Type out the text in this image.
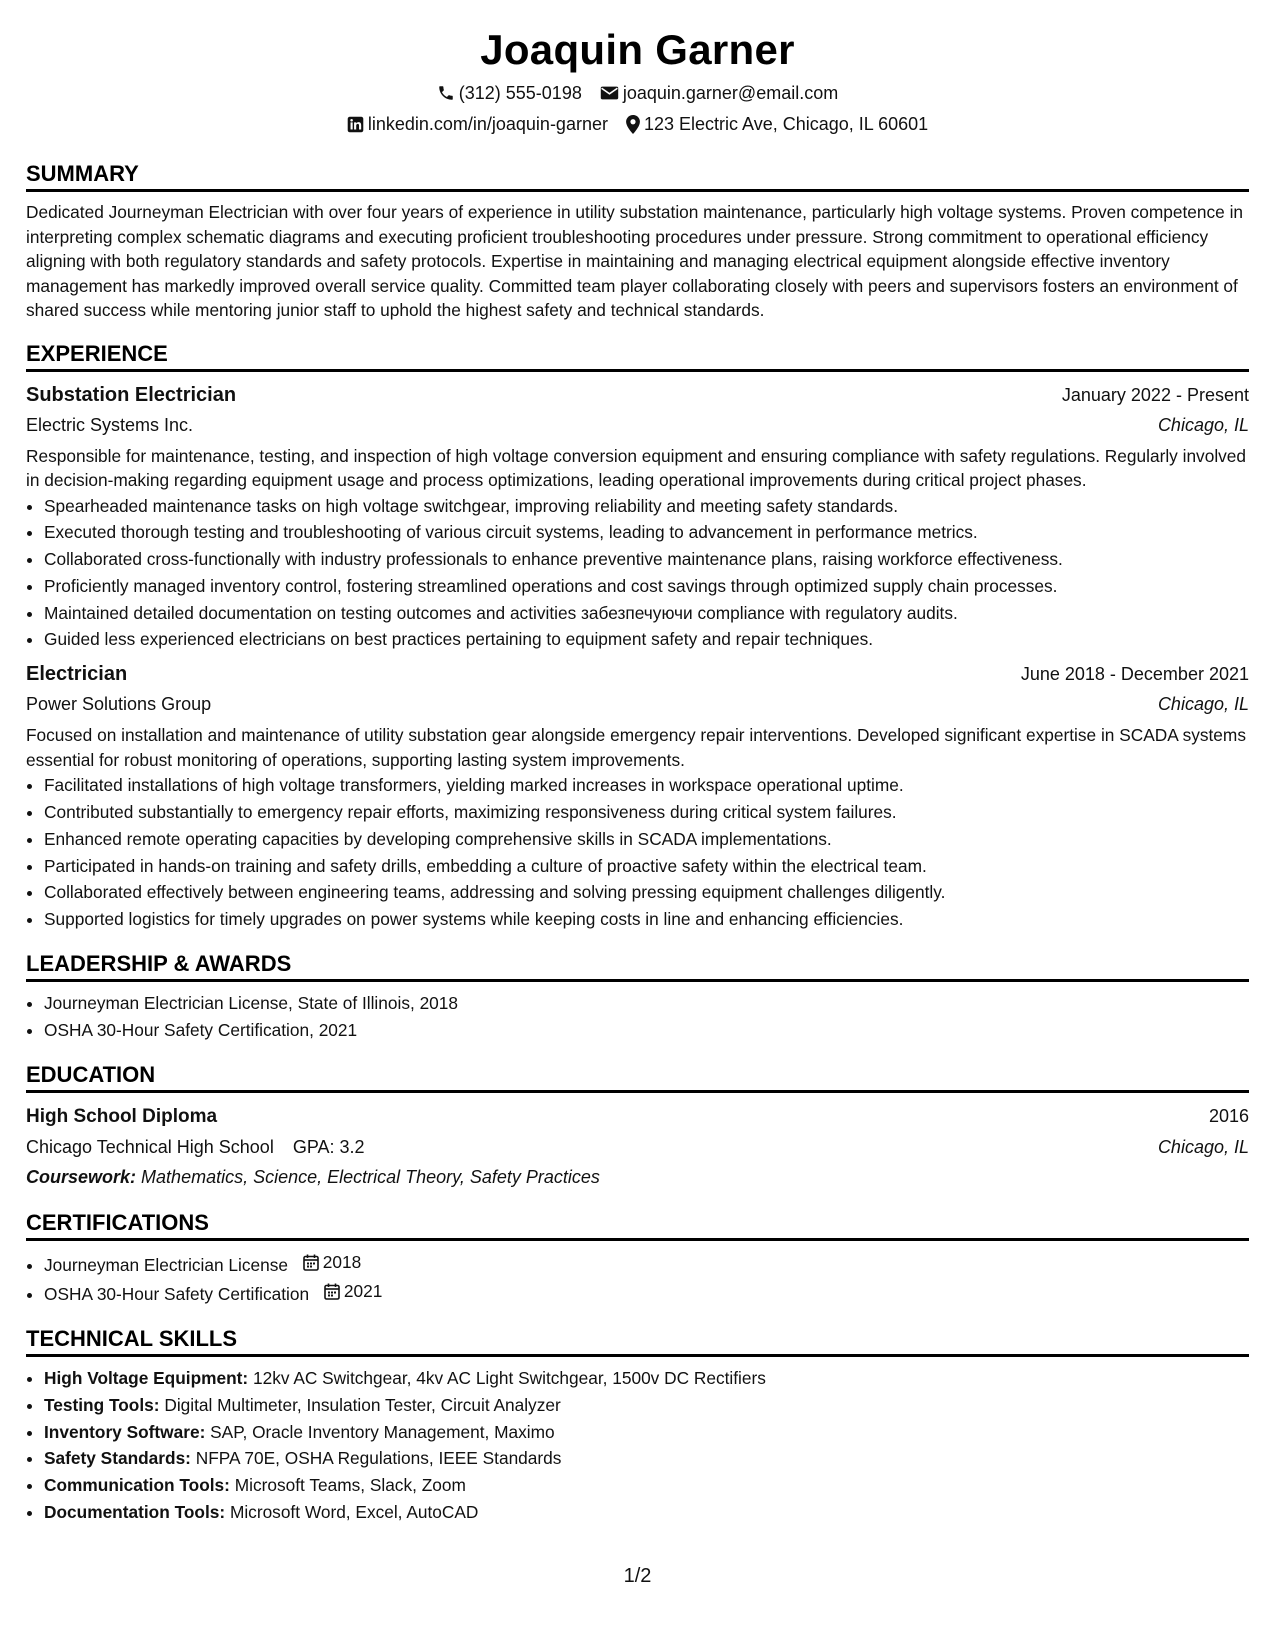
Joaquin Garner
(312) 555-0198 joaquin.garner@email.com
linkedin.com/in/joaquin-garner 123 Electric Ave, Chicago, IL 60601
SUMMARY

Dedicated Journeyman Electrician with over four years of experience in utility substation maintenance, particularly high voltage systems. Proven competence in interpreting complex schematic diagrams and executing proficient troubleshooting procedures under pressure. Strong commitment to operational efficiency aligning with both regulatory standards and safety protocols. Expertise in maintaining and managing electrical equipment alongside effective inventory management has markedly improved overall service quality. Committed team player collaborating closely with peers and supervisors fosters an environment of shared success while mentoring junior staff to uphold the highest safety and technical standards.

EXPERIENCE
Substation Electrician	January 2022 - Present
Electric Systems Inc.	Chicago, IL
Responsible for maintenance, testing, and inspection of high voltage conversion equipment and ensuring compliance with safety regulations. Regularly involved in decision-making regarding equipment usage and process optimizations, leading operational improvements during critical project phases.
• Spearheaded maintenance tasks on high voltage switchgear, improving reliability and meeting safety standards.
• Executed thorough testing and troubleshooting of various circuit systems, leading to advancement in performance metrics.
• Collaborated cross-functionally with industry professionals to enhance preventive maintenance plans, raising workforce effectiveness.
• Proficiently managed inventory control, fostering streamlined operations and cost savings through optimized supply chain processes.
• Maintained detailed documentation on testing outcomes and activities забезпечуючи compliance with regulatory audits.
• Guided less experienced electricians on best practices pertaining to equipment safety and repair techniques.
Electrician	June 2018 - December 2021
Power Solutions Group	Chicago, IL
Focused on installation and maintenance of utility substation gear alongside emergency repair interventions. Developed significant expertise in SCADA systems essential for robust monitoring of operations, supporting lasting system improvements.
• Facilitated installations of high voltage transformers, yielding marked increases in workspace operational uptime.
• Contributed substantially to emergency repair efforts, maximizing responsiveness during critical system failures.
• Enhanced remote operating capacities by developing comprehensive skills in SCADA implementations.
• Participated in hands-on training and safety drills, embedding a culture of proactive safety within the electrical team.
• Collaborated effectively between engineering teams, addressing and solving pressing equipment challenges diligently.
• Supported logistics for timely upgrades on power systems while keeping costs in line and enhancing efficiencies.
LEADERSHIP & AWARDS
• Journeyman Electrician License, State of Illinois, 2018
• OSHA 30-Hour Safety Certification, 2021
EDUCATION
High School Diploma	2016
Chicago Technical High School GPA: 3.2	Chicago, IL
Coursework: Mathematics, Science, Electrical Theory, Safety Practices
CERTIFICATIONS
• Journeyman Electrician License 2018
• OSHA 30-Hour Safety Certification 2021
TECHNICAL SKILLS
• High Voltage Equipment: 12kv AC Switchgear, 4kv AC Light Switchgear, 1500v DC Rectifiers
• Testing Tools: Digital Multimeter, Insulation Tester, Circuit Analyzer
• Inventory Software: SAP, Oracle Inventory Management, Maximo
• Safety Standards: NFPA 70E, OSHA Regulations, IEEE Standards
• Communication Tools: Microsoft Teams, Slack, Zoom
• Documentation Tools: Microsoft Word, Excel, AutoCAD
1/2
